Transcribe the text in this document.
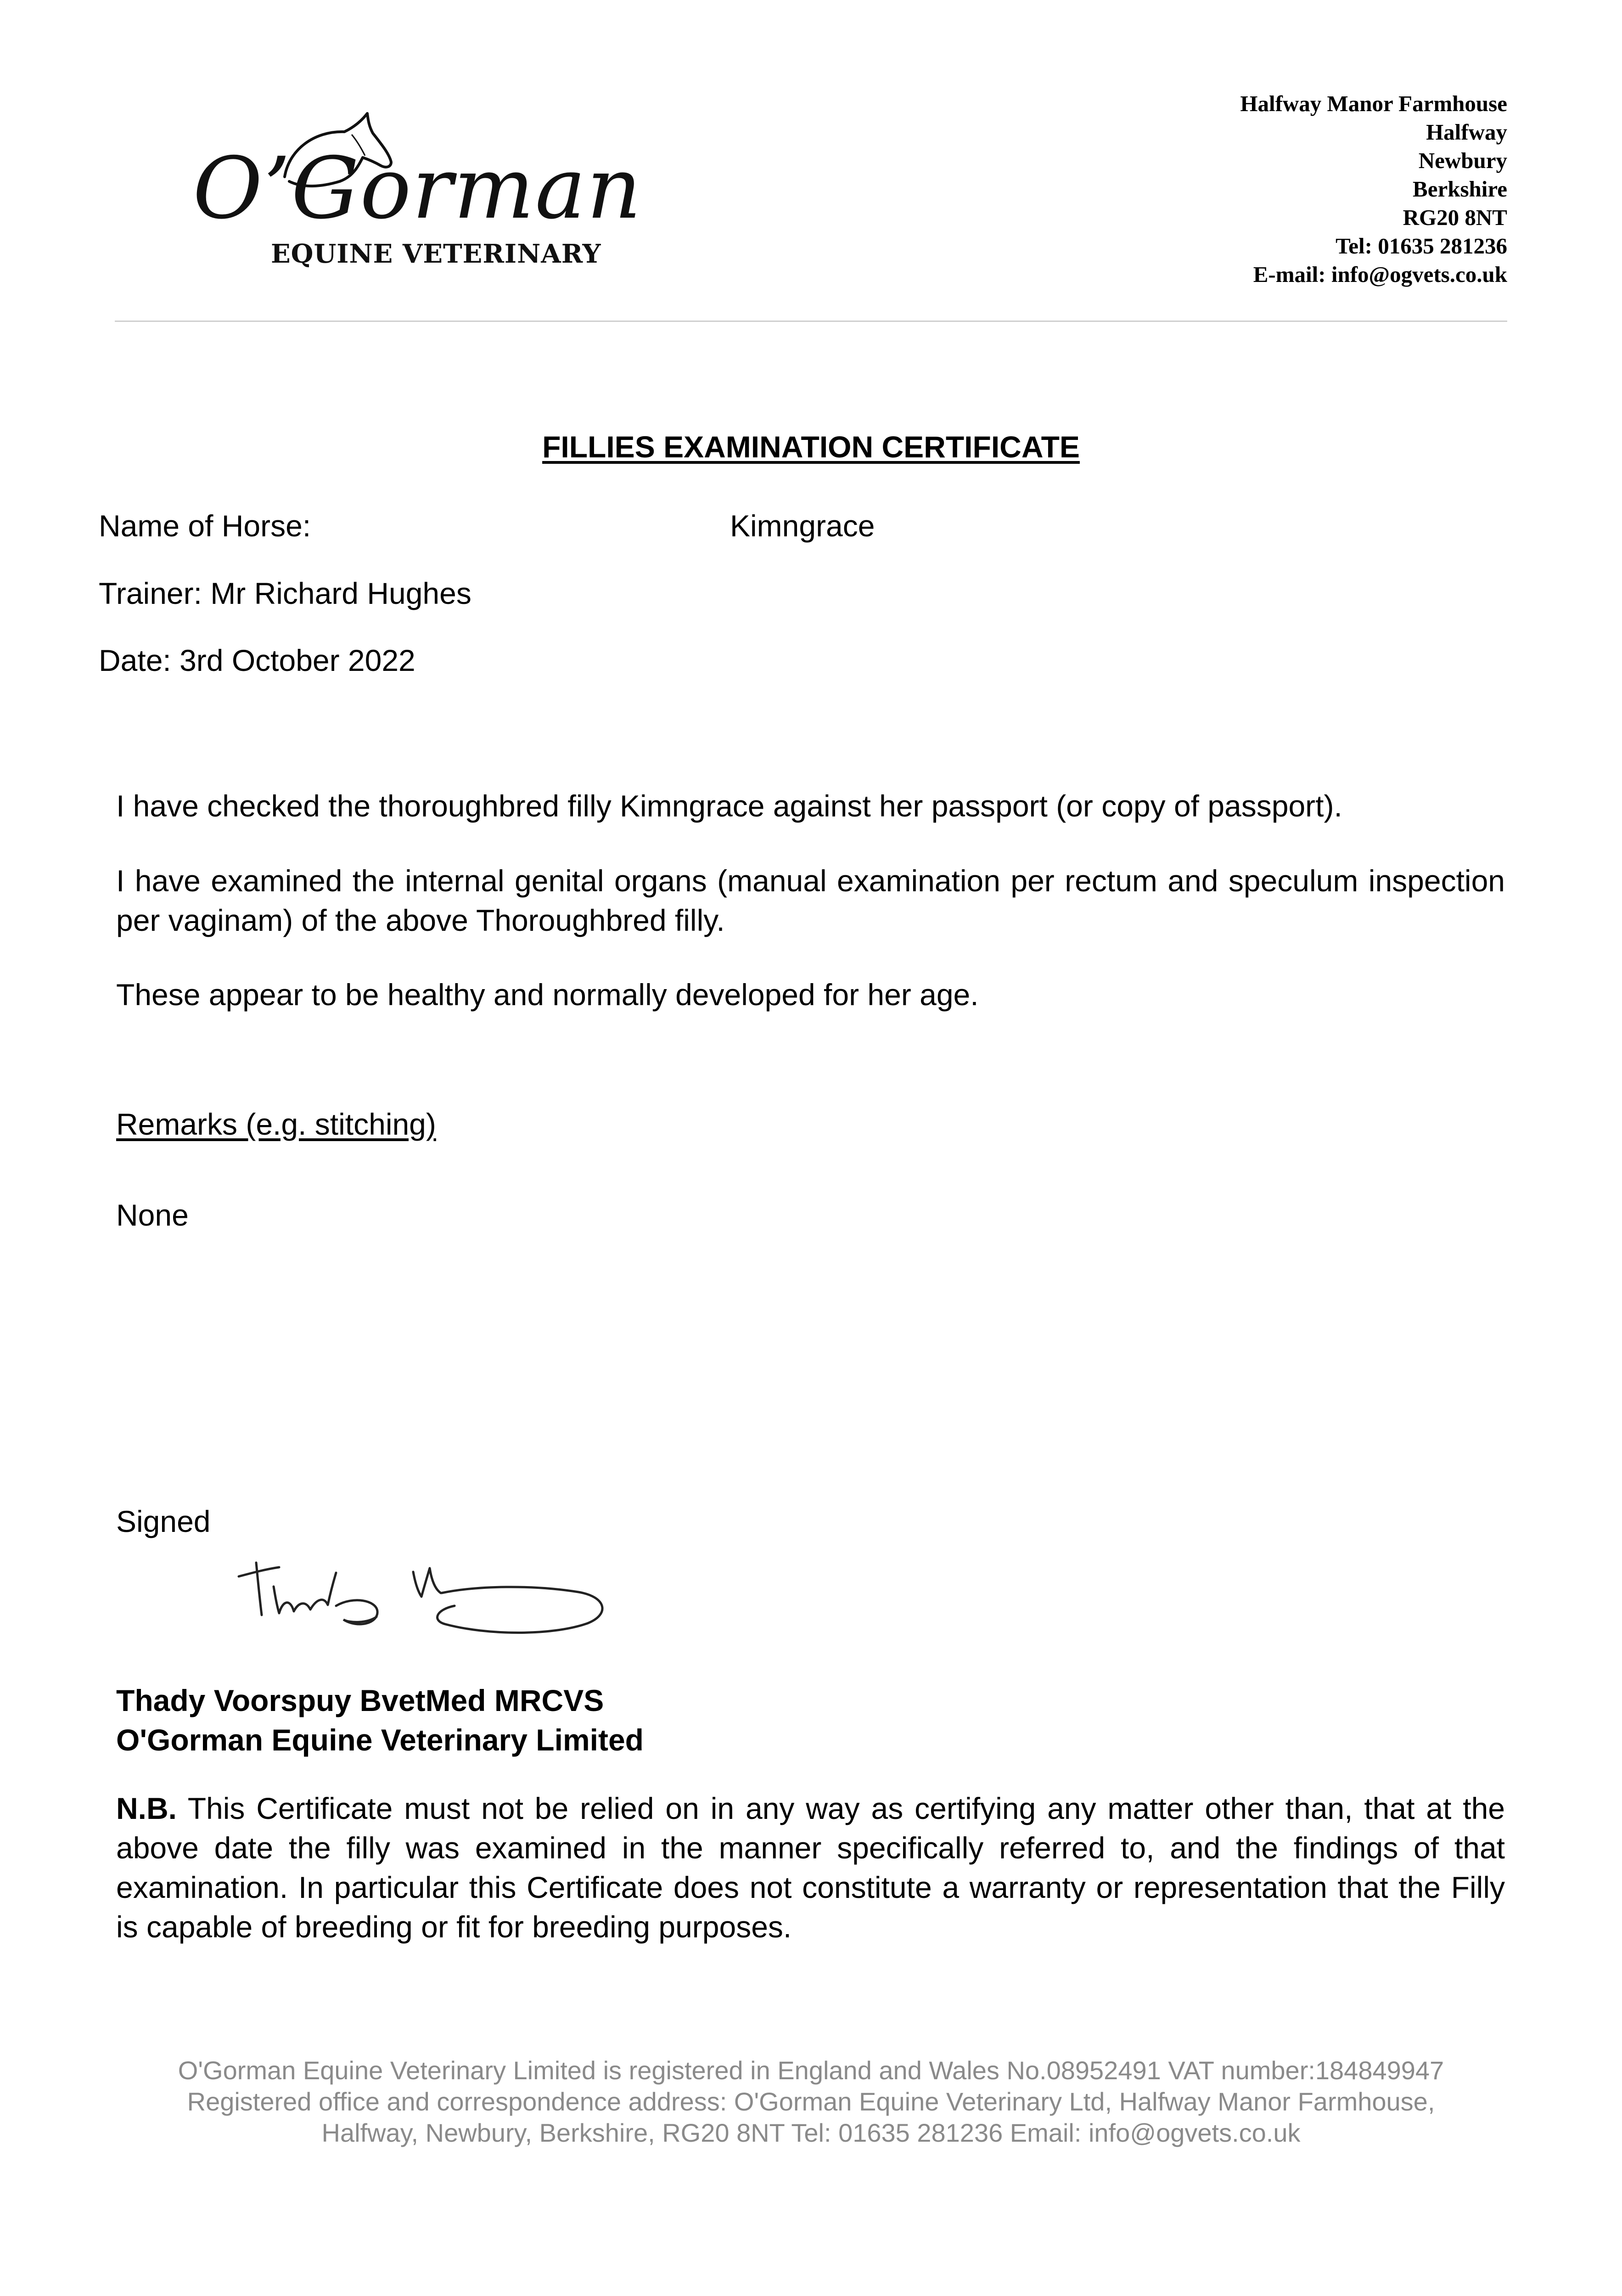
O’Gorman
EQUINE VETERINARY
Halfway Manor Farmhouse
Halfway
Newbury
Berkshire
RG20 8NT
Tel: 01635 281236
E-mail: info@ogvets.co.uk
FILLIES EXAMINATION CERTIFICATE
Name of Horse:	Kimngrace
Trainer: Mr Richard Hughes
Date: 3rd October 2022
I have checked the thoroughbred filly Kimngrace against her passport (or copy of passport).
I have examined the internal genital organs (manual examination per rectum and speculum inspection per vaginam) of the above Thoroughbred filly.
These appear to be healthy and normally developed for her age.
Remarks (e.g. stitching)
None
Signed
Thady Voorspuy BvetMed MRCVS
O'Gorman Equine Veterinary Limited
N.B. This Certificate must not be relied on in any way as certifying any matter other than, that at the above date the filly was examined in the manner specifically referred to, and the findings of that examination. In particular this Certificate does not constitute a warranty or representation that the Filly is capable of breeding or fit for breeding purposes.
O'Gorman Equine Veterinary Limited is registered in England and Wales No.08952491 VAT number:184849947
Registered office and correspondence address: O'Gorman Equine Veterinary Ltd, Halfway Manor Farmhouse,
Halfway, Newbury, Berkshire, RG20 8NT Tel: 01635 281236 Email: info@ogvets.co.uk
